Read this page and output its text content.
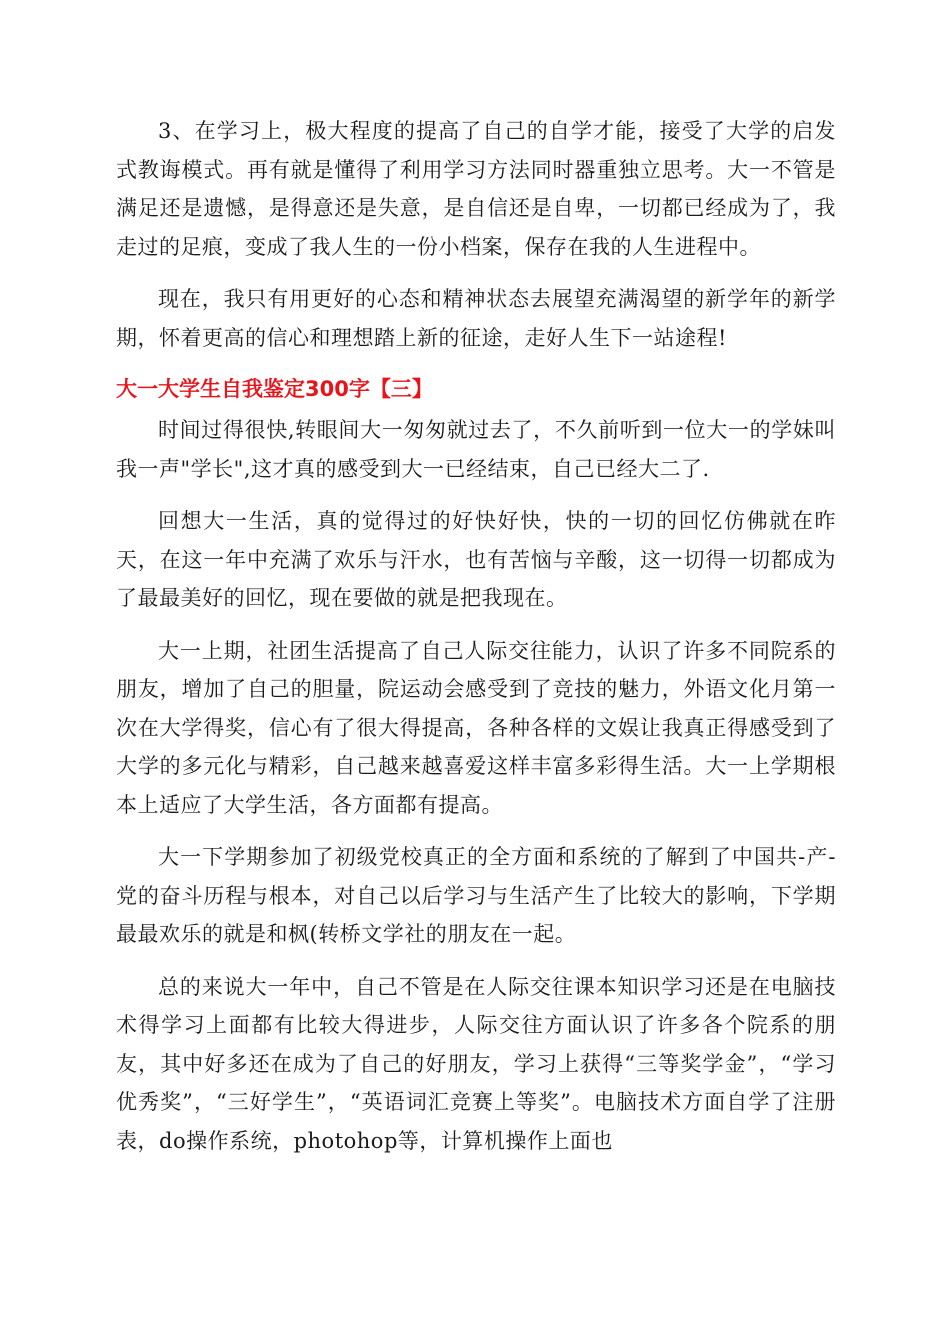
3、在学习上，极大程度的提高了自己的自学才能，接受了大学的启发式教诲模式。再有就是懂得了利用学习方法同时器重独立思考。大一不管是满足还是遗憾，是得意还是失意，是自信还是自卑，一切都已经成为了，我走过的足痕，变成了我人生的一份小档案，保存在我的人生进程中。

现在，我只有用更好的心态和精神状态去展望充满渴望的新学年的新学期，怀着更高的信心和理想踏上新的征途，走好人生下一站途程!

大一大学生自我鉴定300字【三】

时间过得很快,转眼间大一匆匆就过去了，不久前听到一位大一的学妹叫我一声"学长",这才真的感受到大一已经结束，自己已经大二了.

回想大一生活，真的觉得过的好快好快，快的一切的回忆仿佛就在昨天，在这一年中充满了欢乐与汗水，也有苦恼与辛酸，这一切得一切都成为了最最美好的回忆，现在要做的就是把我现在。

大一上期，社团生活提高了自己人际交往能力，认识了许多不同院系的朋友，增加了自己的胆量，院运动会感受到了竞技的魅力，外语文化月第一次在大学得奖，信心有了很大得提高，各种各样的文娱让我真正得感受到了大学的多元化与精彩，自己越来越喜爱这样丰富多彩得生活。大一上学期根本上适应了大学生活，各方面都有提高。

大一下学期参加了初级党校真正的全方面和系统的了解到了中国共-产-党的奋斗历程与根本，对自己以后学习与生活产生了比较大的影响，下学期最最欢乐的就是和枫(转桥文学社的朋友在一起。

总的来说大一年中，自己不管是在人际交往课本知识学习还是在电脑技术得学习上面都有比较大得进步，人际交往方面认识了许多各个院系的朋友，其中好多还在成为了自己的好朋友，学习上获得“三等奖学金”，“学习优秀奖”，“三好学生”，“英语词汇竞赛上等奖”。电脑技术方面自学了注册表，do操作系统，photohop等，计算机操作上面也
